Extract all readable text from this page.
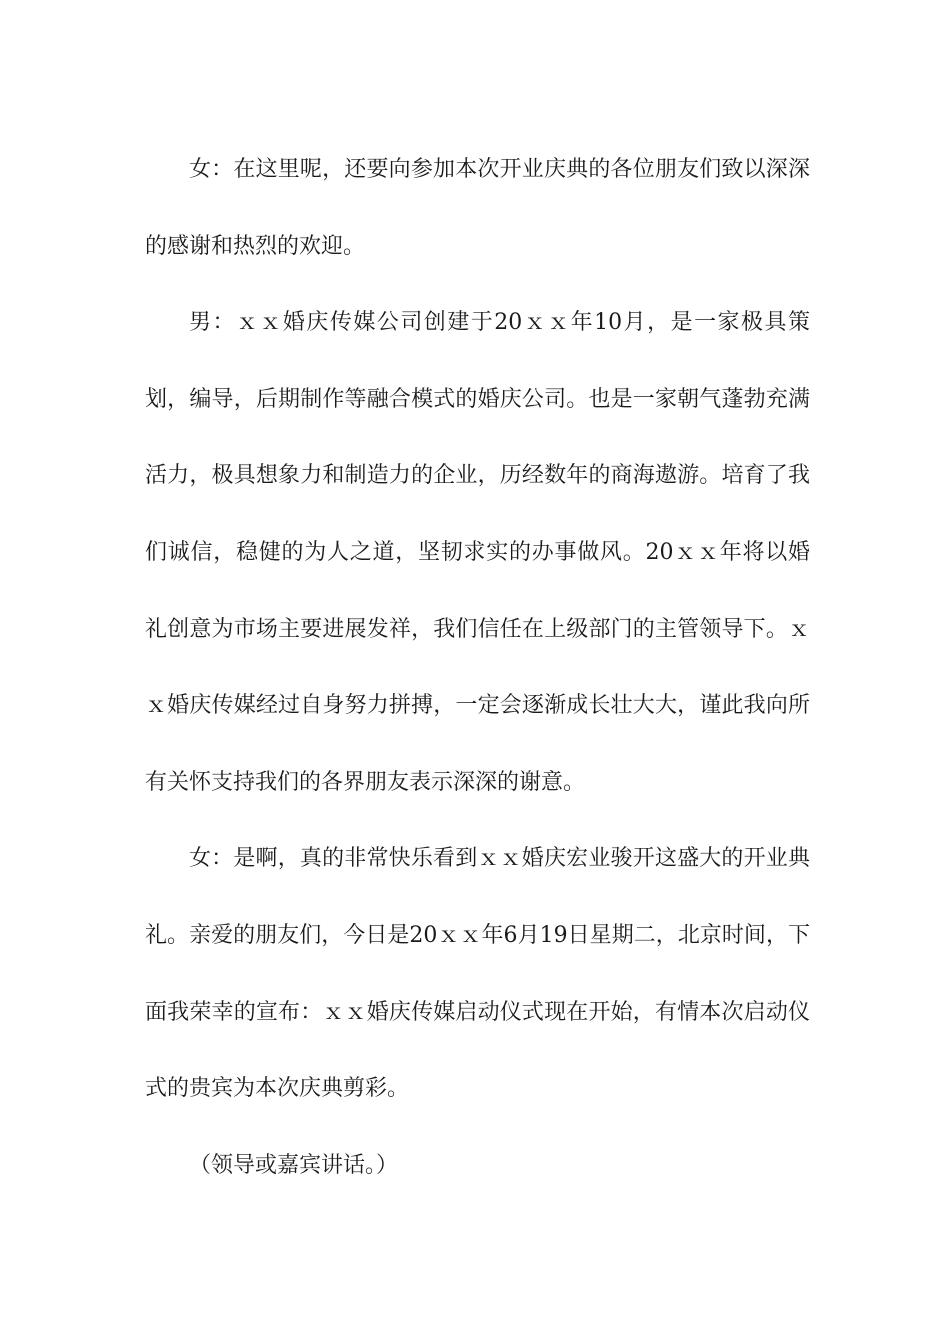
女：在这里呢，还要向参加本次开业庆典的各位朋友们致以深深的感谢和热烈的欢迎。

男：ｘｘ婚庆传媒公司创建于20ｘｘ年10月，是一家极具策划，编导，后期制作等融合模式的婚庆公司。也是一家朝气蓬勃充满活力，极具想象力和制造力的企业，历经数年的商海遨游。培育了我们诚信，稳健的为人之道，坚韧求实的办事做风。20ｘｘ年将以婚礼创意为市场主要进展发祥，我们信任在上级部门的主管领导下。ｘｘ婚庆传媒经过自身努力拼搏，一定会逐渐成长壮大大，谨此我向所有关怀支持我们的各界朋友表示深深的谢意。

女：是啊，真的非常快乐看到ｘｘ婚庆宏业骏开这盛大的开业典礼。亲爱的朋友们，今日是20ｘｘ年6月19日星期二，北京时间，下面我荣幸的宣布：ｘｘ婚庆传媒启动仪式现在开始，有情本次启动仪式的贵宾为本次庆典剪彩。

（领导或嘉宾讲话。）
